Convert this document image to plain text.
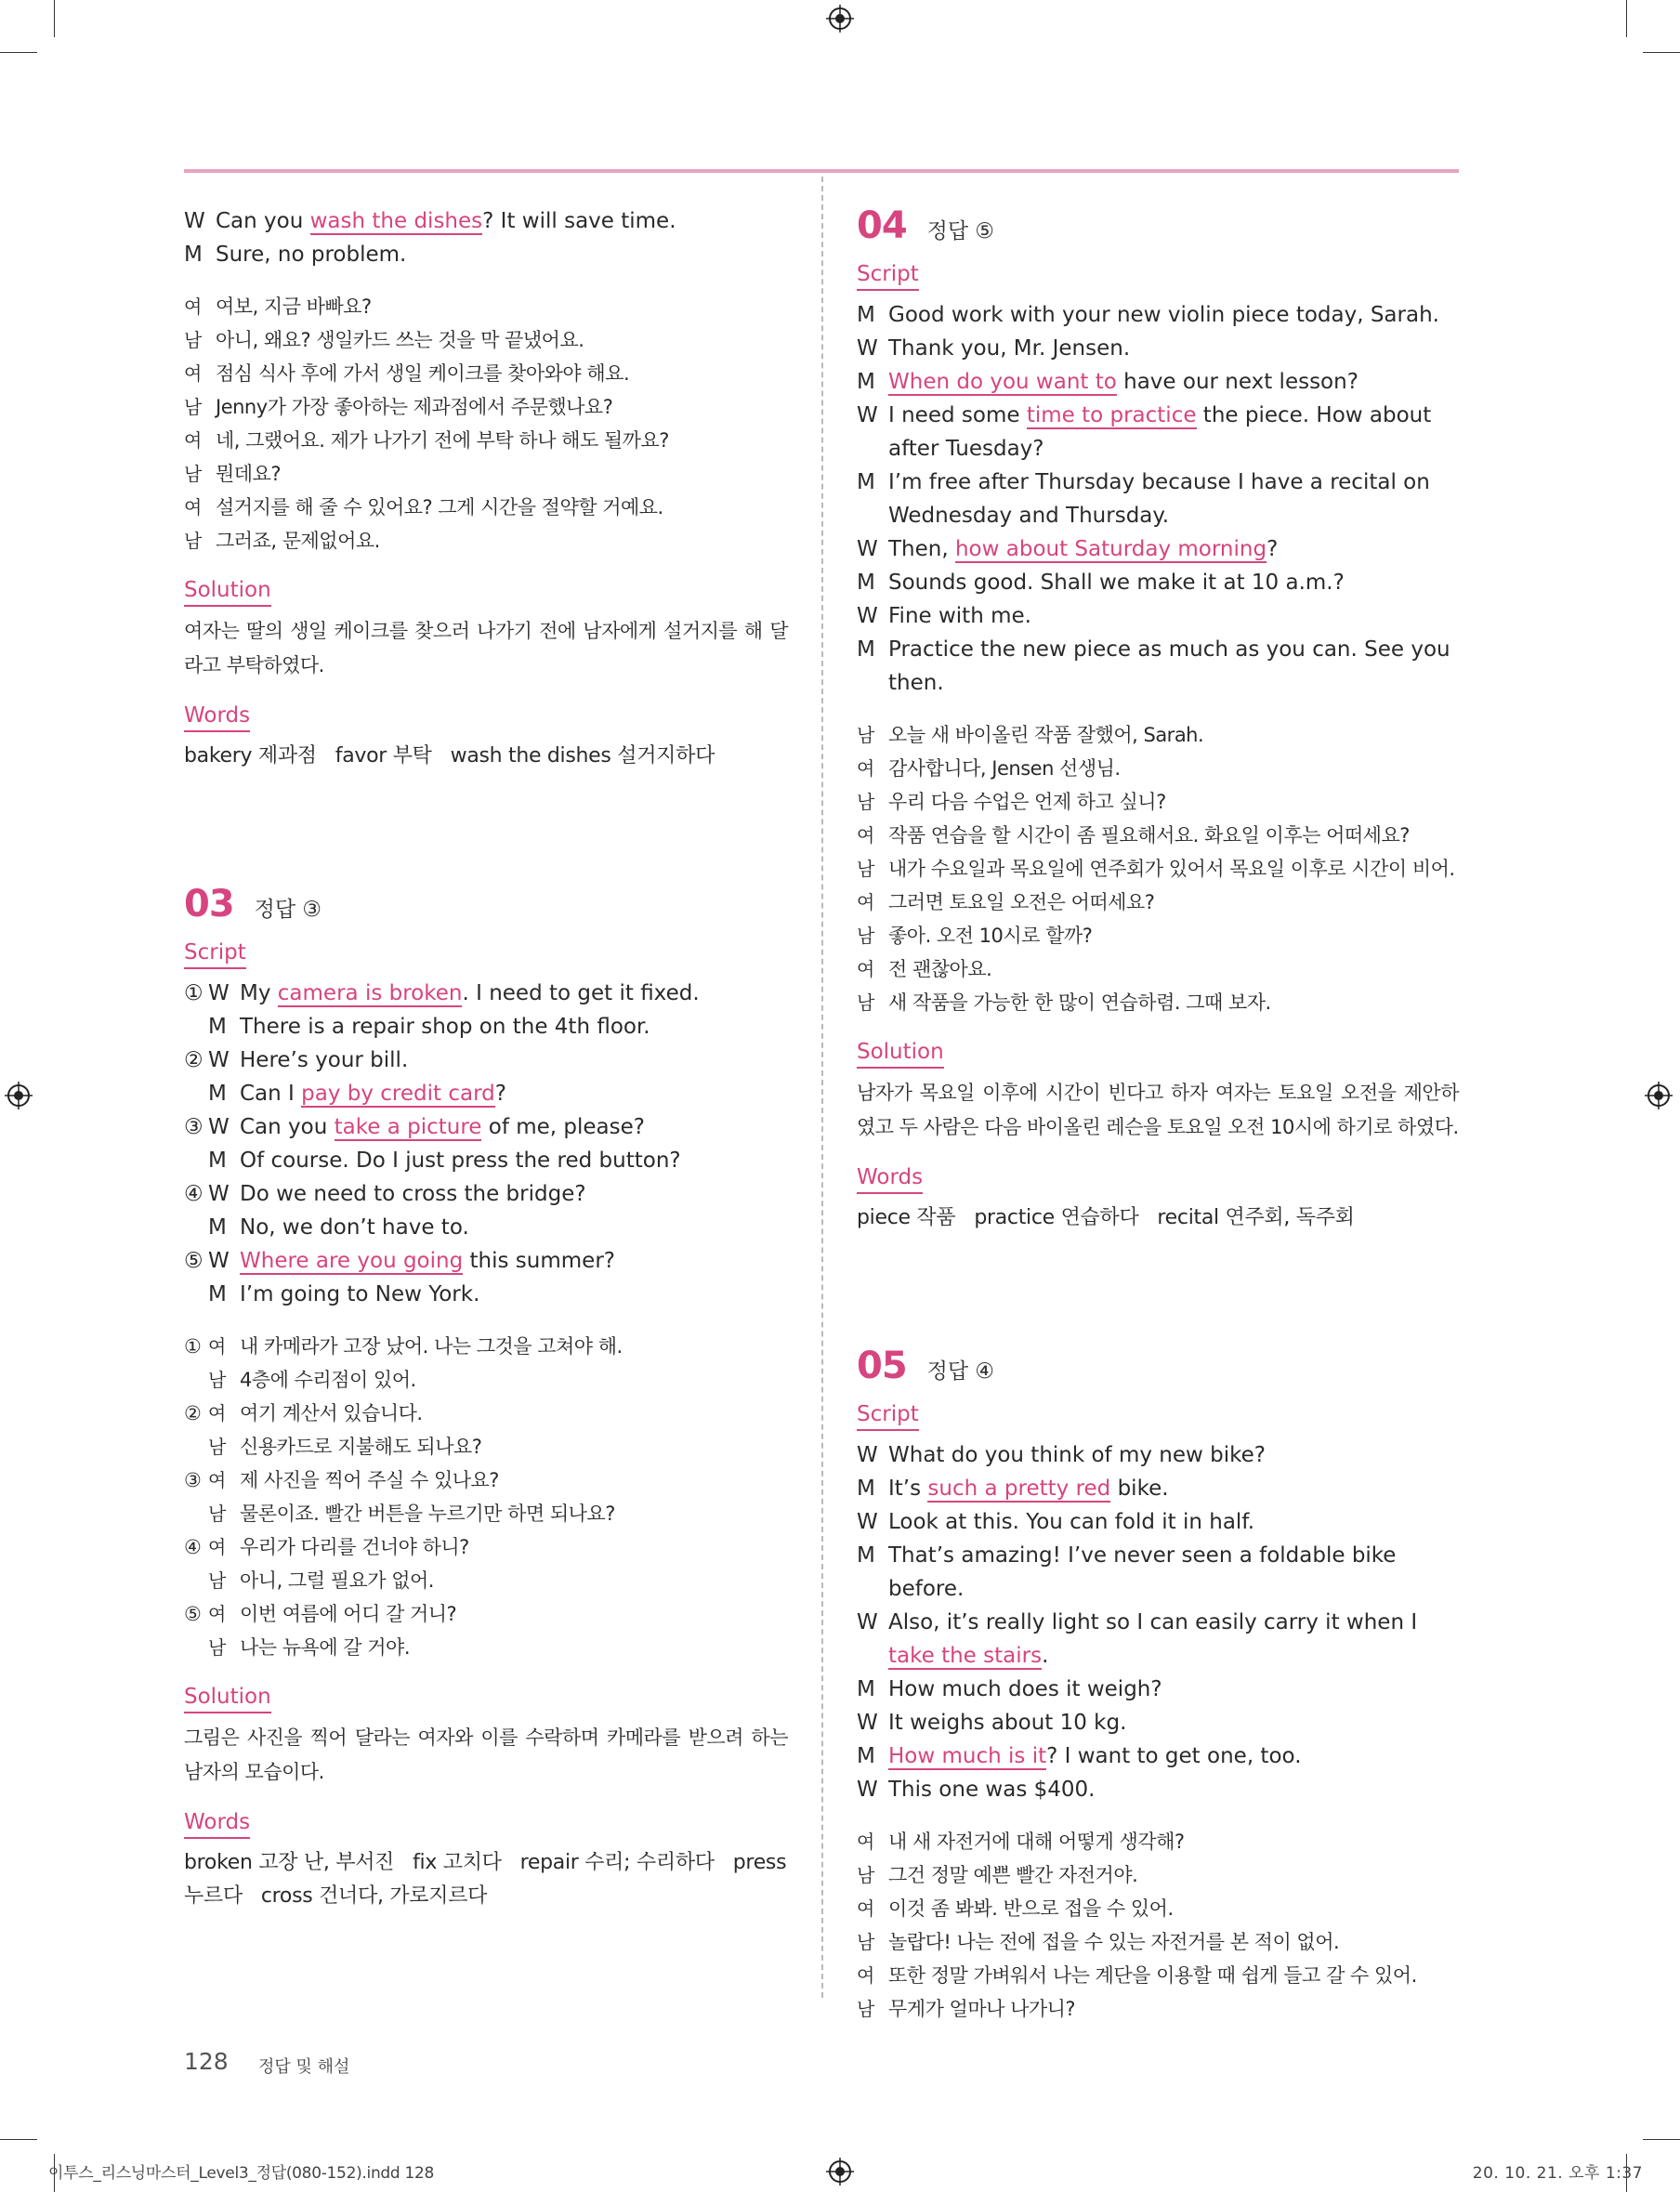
W Can you wash the dishes? It will save time.
M Sure, no problem.
여 여보, 지금 바빠요?
남 아니, 왜요? 생일카드 쓰는 것을 막 끝냈어요.
여 점심 식사 후에 가서 생일 케이크를 찾아와야 해요.
남 Jenny가 가장 좋아하는 제과점에서 주문했나요?
여 네, 그랬어요. 제가 나가기 전에 부탁 하나 해도 될까요?
남 뭔데요?
여 설거지를 해 줄 수 있어요? 그게 시간을 절약할 거예요.
남 그러죠, 문제없어요.
Solution
여자는 딸의 생일 케이크를 찾으러 나가기 전에 남자에게 설거지를 해 달라고 부탁하였다.
Words
bakery 제과점 favor 부탁 wash the dishes 설거지하다
03 정답 ③
Script
① W My camera is broken. I need to get it fixed.
M There is a repair shop on the 4th floor.
② W Here’s your bill.
M Can I pay by credit card?
③ W Can you take a picture of me, please?
M Of course. Do I just press the red button?
④ W Do we need to cross the bridge?
M No, we don’t have to.
⑤ W Where are you going this summer?
M I’m going to New York.
① 여 내 카메라가 고장 났어. 나는 그것을 고쳐야 해.
남 4층에 수리점이 있어.
② 여 여기 계산서 있습니다.
남 신용카드로 지불해도 되나요?
③ 여 제 사진을 찍어 주실 수 있나요?
남 물론이죠. 빨간 버튼을 누르기만 하면 되나요?
④ 여 우리가 다리를 건너야 하니?
남 아니, 그럴 필요가 없어.
⑤ 여 이번 여름에 어디 갈 거니?
남 나는 뉴욕에 갈 거야.
Solution
그림은 사진을 찍어 달라는 여자와 이를 수락하며 카메라를 받으려 하는 남자의 모습이다.
Words
broken 고장 난, 부서진 fix 고치다 repair 수리; 수리하다 press 누르다 cross 건너다, 가로지르다
04 정답 ⑤
Script
M Good work with your new violin piece today, Sarah.
W Thank you, Mr. Jensen.
M When do you want to have our next lesson?
W I need some time to practice the piece. How about after Tuesday?
M I’m free after Thursday because I have a recital on Wednesday and Thursday.
W Then, how about Saturday morning?
M Sounds good. Shall we make it at 10 a.m.?
W Fine with me.
M Practice the new piece as much as you can. See you then.
남 오늘 새 바이올린 작품 잘했어, Sarah.
여 감사합니다, Jensen 선생님.
남 우리 다음 수업은 언제 하고 싶니?
여 작품 연습을 할 시간이 좀 필요해서요. 화요일 이후는 어떠세요?
남 내가 수요일과 목요일에 연주회가 있어서 목요일 이후로 시간이 비어.
여 그러면 토요일 오전은 어떠세요?
남 좋아. 오전 10시로 할까?
여 전 괜찮아요.
남 새 작품을 가능한 한 많이 연습하렴. 그때 보자.
Solution
남자가 목요일 이후에 시간이 빈다고 하자 여자는 토요일 오전을 제안하였고 두 사람은 다음 바이올린 레슨을 토요일 오전 10시에 하기로 하였다.
Words
piece 작품 practice 연습하다 recital 연주회, 독주회
05 정답 ④
Script
W What do you think of my new bike?
M It’s such a pretty red bike.
W Look at this. You can fold it in half.
M That’s amazing! I’ve never seen a foldable bike before.
W Also, it’s really light so I can easily carry it when I take the stairs.
M How much does it weigh?
W It weighs about 10 kg.
M How much is it? I want to get one, too.
W This one was $400.
여 내 새 자전거에 대해 어떻게 생각해?
남 그건 정말 예쁜 빨간 자전거야.
여 이것 좀 봐봐. 반으로 접을 수 있어.
남 놀랍다! 나는 전에 접을 수 있는 자전거를 본 적이 없어.
여 또한 정말 가벼워서 나는 계단을 이용할 때 쉽게 들고 갈 수 있어.
남 무게가 얼마나 나가니?
128 정답 및 해설
이투스_리스닝마스터_Level3_정답(080-152).indd 128	20. 10. 21. 오후 1:37
